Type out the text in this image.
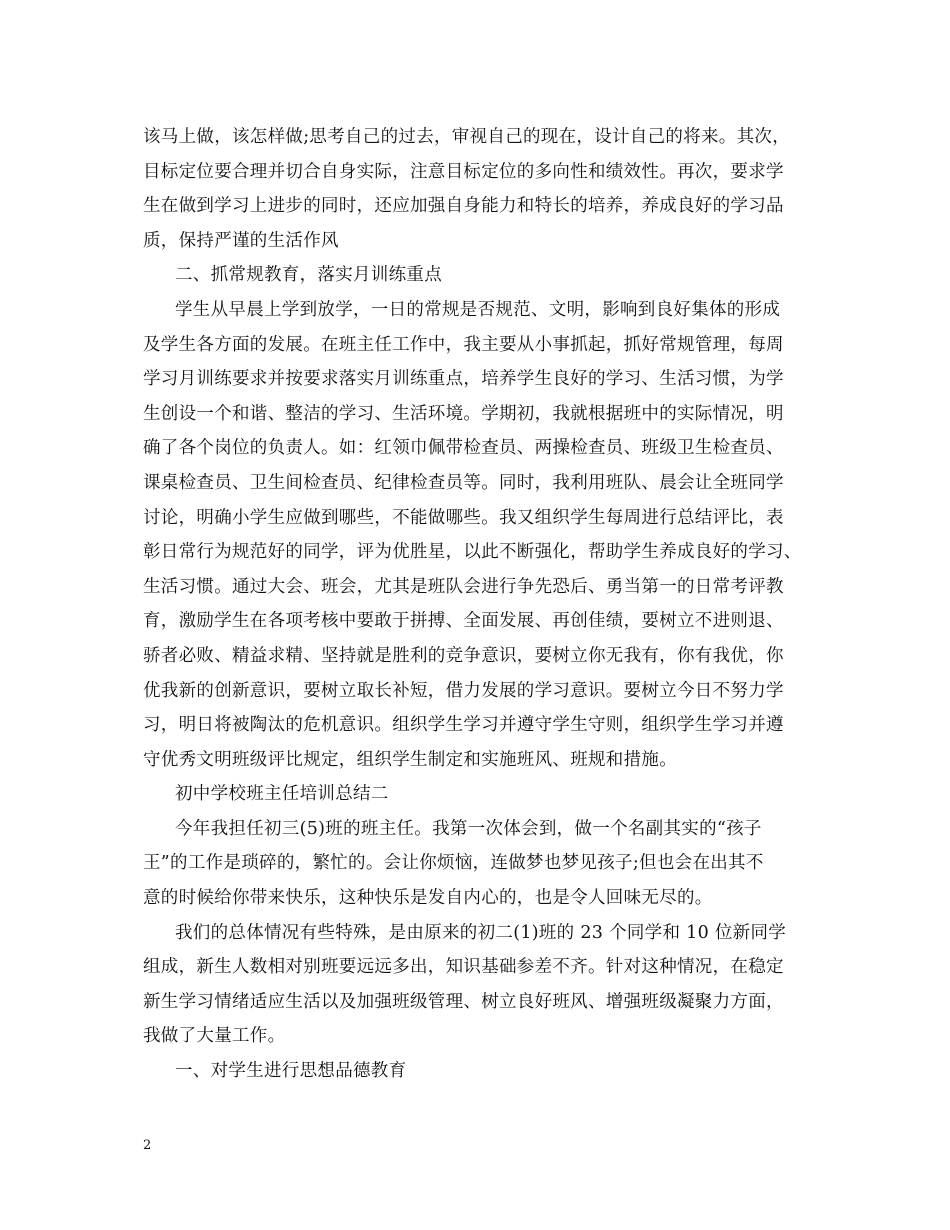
该马上做，该怎样做;思考自己的过去，审视自己的现在，设计自己的将来。其次，
目标定位要合理并切合自身实际，注意目标定位的多向性和绩效性。再次，要求学
生在做到学习上进步的同时，还应加强自身能力和特长的培养，养成良好的学习品
质，保持严谨的生活作风
二、抓常规教育，落实月训练重点
学生从早晨上学到放学，一日的常规是否规范、文明，影响到良好集体的形成
及学生各方面的发展。在班主任工作中，我主要从小事抓起，抓好常规管理，每周
学习月训练要求并按要求落实月训练重点，培养学生良好的学习、生活习惯，为学
生创设一个和谐、整洁的学习、生活环境。学期初，我就根据班中的实际情况，明
确了各个岗位的负责人。如：红领巾佩带检查员、两操检查员、班级卫生检查员、
课桌检查员、卫生间检查员、纪律检查员等。同时，我利用班队、晨会让全班同学
讨论，明确小学生应做到哪些，不能做哪些。我又组织学生每周进行总结评比，表
彰日常行为规范好的同学，评为优胜星，以此不断强化，帮助学生养成良好的学习、
生活习惯。通过大会、班会，尤其是班队会进行争先恐后、勇当第一的日常考评教
育，激励学生在各项考核中要敢于拼搏、全面发展、再创佳绩，要树立不进则退、
骄者必败、精益求精、坚持就是胜利的竞争意识，要树立你无我有，你有我优，你
优我新的创新意识，要树立取长补短，借力发展的学习意识。要树立今日不努力学
习，明日将被陶汰的危机意识。组织学生学习并遵守学生守则，组织学生学习并遵
守优秀文明班级评比规定，组织学生制定和实施班风、班规和措施。
初中学校班主任培训总结二
今年我担任初三(5)班的班主任。我第一次体会到，做一个名副其实的“孩子
王”的工作是琐碎的，繁忙的。会让你烦恼，连做梦也梦见孩子;但也会在出其不
意的时候给你带来快乐，这种快乐是发自内心的，也是令人回味无尽的。
我们的总体情况有些特殊，是由原来的初二(1)班的 23 个同学和 10 位新同学
组成，新生人数相对别班要远远多出，知识基础参差不齐。针对这种情况，在稳定
新生学习情绪适应生活以及加强班级管理、树立良好班风、增强班级凝聚力方面，
我做了大量工作。
一、对学生进行思想品德教育
2
